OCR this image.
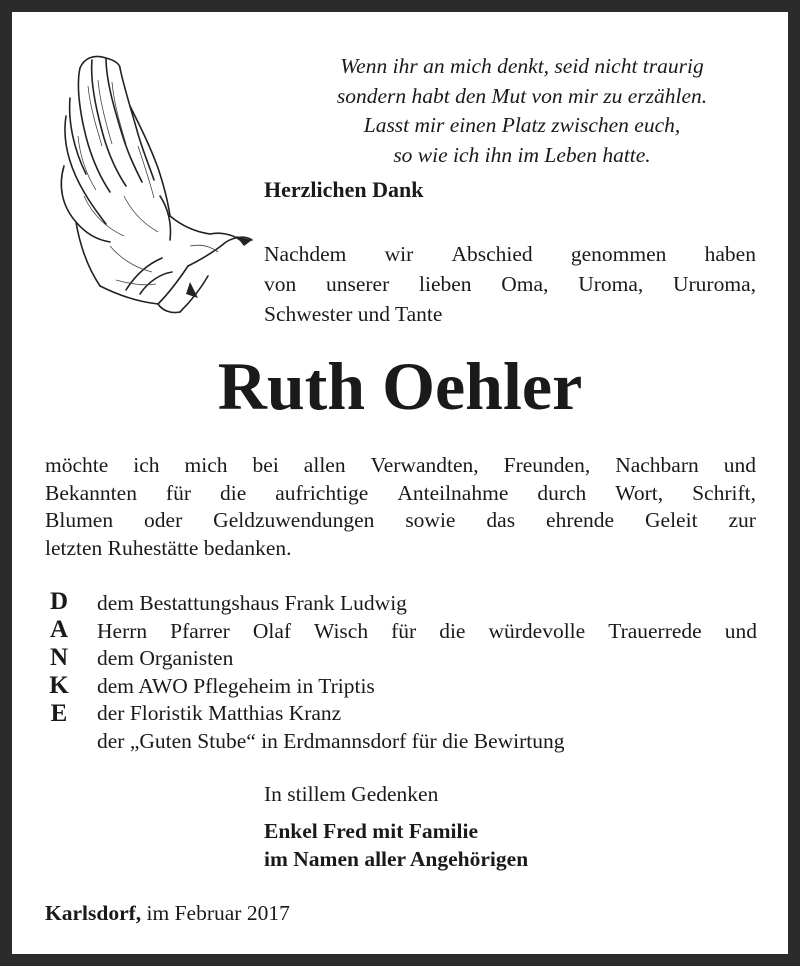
Wenn ihr an mich denkt, seid nicht traurig
sondern habt den Mut von mir zu erzählen.
Lasst mir einen Platz zwischen euch,
so wie ich ihn im Leben hatte.
Herzlichen Dank
Nachdem wir Abschied genommen haben
von unserer lieben Oma, Uroma, Ururoma,
Schwester und Tante
Ruth Oehler
möchte ich mich bei allen Verwandten, Freunden, Nachbarn und
Bekannten für die aufrichtige Anteilnahme durch Wort, Schrift,
Blumen oder Geldzuwendungen sowie das ehrende Geleit zur
letzten Ruhestätte bedanken.
D
A
N
K
E
dem Bestattungshaus Frank Ludwig
Herrn Pfarrer Olaf Wisch für die würdevolle Trauerrede und
dem Organisten
dem AWO Pflegeheim in Triptis
der Floristik Matthias Kranz
der „Guten Stube“ in Erdmannsdorf für die Bewirtung
In stillem Gedenken
Enkel Fred mit Familie
im Namen aller Angehörigen
Karlsdorf, im Februar 2017
